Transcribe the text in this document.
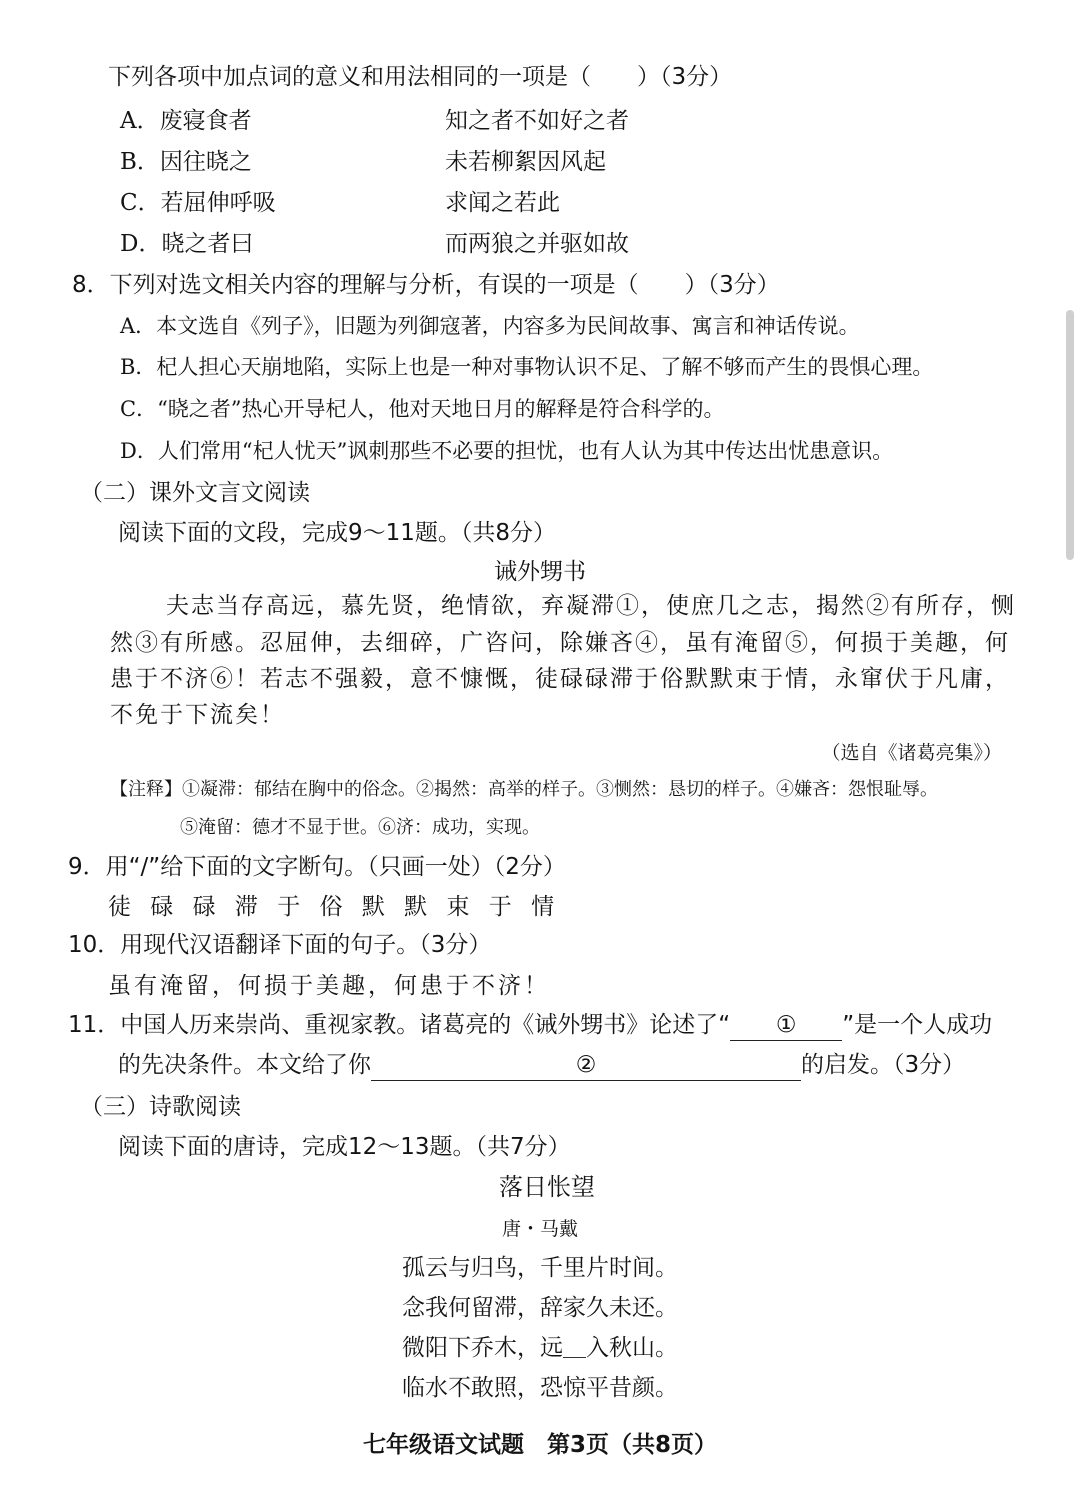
下列各项中加点词的意义和用法相同的一项是（　　）（3分）
A．废寝食者	知之者不如好之者
B．因往晓之	未若柳絮因风起
C．若屈伸呼吸	求闻之若此
D．晓之者曰	而两狼之并驱如故
8．下列对选文相关内容的理解与分析，有误的一项是（　　）（3分）
A．本文选自《列子》，旧题为列御寇著，内容多为民间故事、寓言和神话传说。
B．杞人担心天崩地陷，实际上也是一种对事物认识不足、了解不够而产生的畏惧心理。
C．“晓之者”热心开导杞人，他对天地日月的解释是符合科学的。
D．人们常用“杞人忧天”讽刺那些不必要的担忧，也有人认为其中传达出忧患意识。
（二）课外文言文阅读
阅读下面的文段，完成9～11题。（共8分）
诫外甥书
夫志当存高远，慕先贤，绝情欲，弃凝滞①，使庶几之志，揭然②有所存，恻
然③有所感。忍屈伸，去细碎，广咨问，除嫌吝④，虽有淹留⑤，何损于美趣，何
患于不济⑥！若志不强毅，意不慷慨，徒碌碌滞于俗默默束于情，永窜伏于凡庸，
不免于下流矣！
（选自《诸葛亮集》）
【注释】①凝滞：郁结在胸中的俗念。②揭然：高举的样子。③恻然：恳切的样子。④嫌吝：怨恨耻辱。
⑤淹留：德才不显于世。⑥济：成功，实现。
9．用“/”给下面的文字断句。（只画一处）（2分）
徒 碌 碌 滞 于 俗 默 默 束 于 情
10．用现代汉语翻译下面的句子。（3分）
虽有淹留，何损于美趣，何患于不济！
11．中国人历来崇尚、重视家教。诸葛亮的《诫外甥书》论述了“ ① ”是一个人成功
的先决条件。本文给了你	②	的启发。（3分）
（三）诗歌阅读
阅读下面的唐诗，完成12～13题。（共7分）
落日怅望
唐・马戴
孤云与归鸟，千里片时间。
念我何留滞，辞家久未还。
微阳下乔木，远＿入秋山。
临水不敢照，恐惊平昔颜。
七年级语文试题　第3页（共8页）
